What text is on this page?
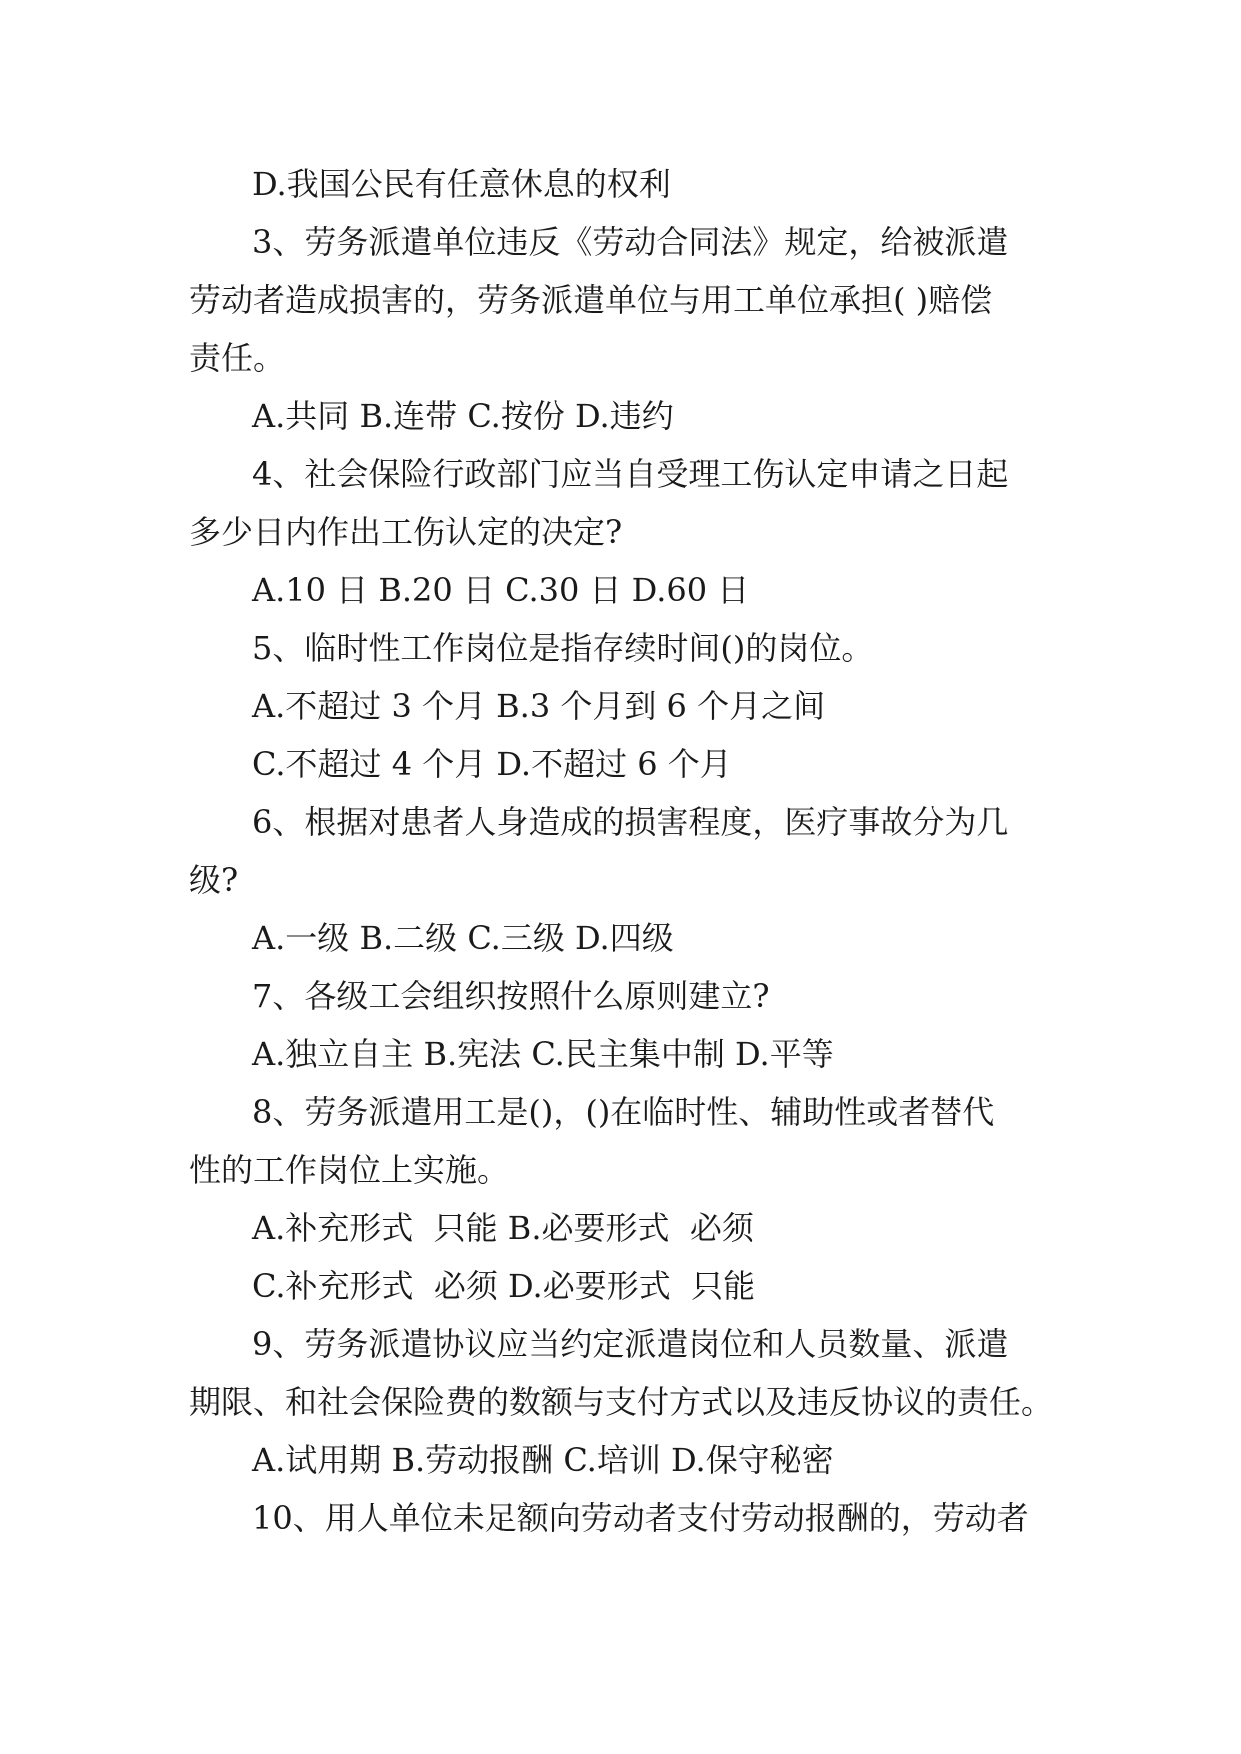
D.我国公民有任意休息的权利
3、劳务派遣单位违反《劳动合同法》规定，给被派遣
劳动者造成损害的，劳务派遣单位与用工单位承担( )赔偿
责任。
A.共同 B.连带 C.按份 D.违约
4、社会保险行政部门应当自受理工伤认定申请之日起
多少日内作出工伤认定的决定?
A.10 日 B.20 日 C.30 日 D.60 日
5、临时性工作岗位是指存续时间()的岗位。
A.不超过 3 个月 B.3 个月到 6 个月之间
C.不超过 4 个月 D.不超过 6 个月
6、根据对患者人身造成的损害程度，医疗事故分为几
级?
A.一级 B.二级 C.三级 D.四级
7、各级工会组织按照什么原则建立?
A.独立自主 B.宪法 C.民主集中制 D.平等
8、劳务派遣用工是()，()在临时性、辅助性或者替代
性的工作岗位上实施。
A.补充形式  只能 B.必要形式  必须
C.补充形式  必须 D.必要形式  只能
9、劳务派遣协议应当约定派遣岗位和人员数量、派遣
期限、和社会保险费的数额与支付方式以及违反协议的责任。
A.试用期 B.劳动报酬 C.培训 D.保守秘密
10、用人单位未足额向劳动者支付劳动报酬的，劳动者
